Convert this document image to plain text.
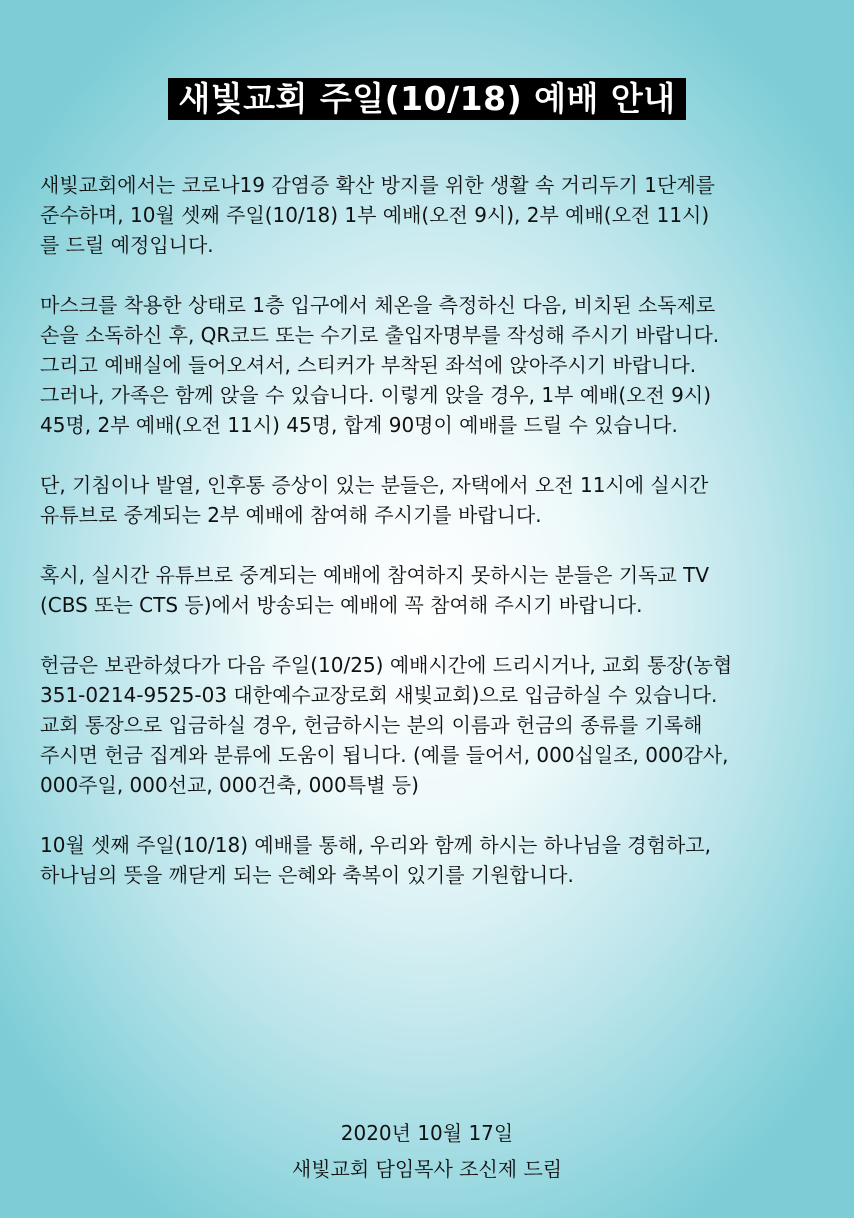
새빛교회 주일(10/18) 예배 안내
새빛교회에서는 코로나19 감염증 확산 방지를 위한 생활 속 거리두기 1단계를
준수하며, 10월 셋째 주일(10/18) 1부 예배(오전 9시), 2부 예배(오전 11시)
를 드릴 예정입니다.
마스크를 착용한 상태로 1층 입구에서 체온을 측정하신 다음, 비치된 소독제로
손을 소독하신 후, QR코드 또는 수기로 출입자명부를 작성해 주시기 바랍니다.
그리고 예배실에 들어오셔서, 스티커가 부착된 좌석에 앉아주시기 바랍니다.
그러나, 가족은 함께 앉을 수 있습니다. 이렇게 앉을 경우, 1부 예배(오전 9시)
45명, 2부 예배(오전 11시) 45명, 합계 90명이 예배를 드릴 수 있습니다.
단, 기침이나 발열, 인후통 증상이 있는 분들은, 자택에서 오전 11시에 실시간
유튜브로 중계되는 2부 예배에 참여해 주시기를 바랍니다.
혹시, 실시간 유튜브로 중계되는 예배에 참여하지 못하시는 분들은 기독교 TV
(CBS 또는 CTS 등)에서 방송되는 예배에 꼭 참여해 주시기 바랍니다.
헌금은 보관하셨다가 다음 주일(10/25) 예배시간에 드리시거나, 교회 통장(농협
351-0214-9525-03 대한예수교장로회 새빛교회)으로 입금하실 수 있습니다.
교회 통장으로 입금하실 경우, 헌금하시는 분의 이름과 헌금의 종류를 기록해
주시면 헌금 집계와 분류에 도움이 됩니다. (예를 들어서, 000십일조, 000감사,
000주일, 000선교, 000건축, 000특별 등)
10월 셋째 주일(10/18) 예배를 통해, 우리와 함께 하시는 하나님을 경험하고,
하나님의 뜻을 깨닫게 되는 은혜와 축복이 있기를 기원합니다.
2020년 10월 17일
새빛교회 담임목사 조신제 드림
